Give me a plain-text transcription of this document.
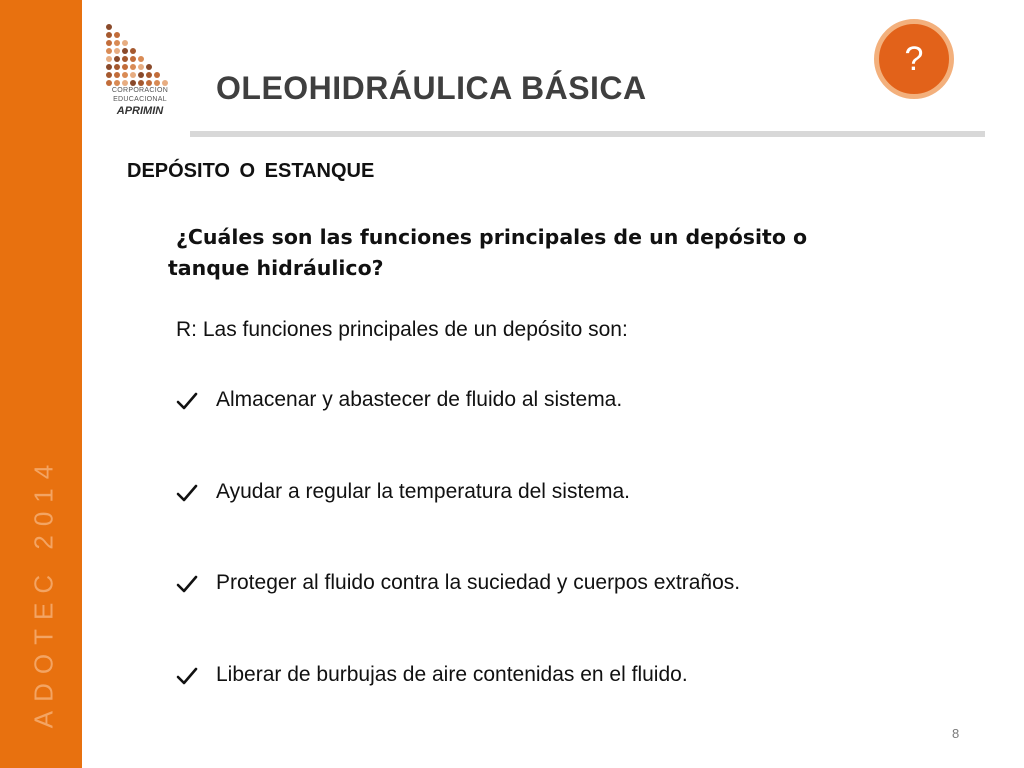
ADOTEC 2014
CORPORACION
EDUCACIONAL
APRIMIN
OLEOHIDRÁULICA BÁSICA
?
DEPÓSITO O ESTANQUE
¿Cuáles son las funciones principales de un depósito o tanque hidráulico?
R: Las funciones principales de un depósito son:
Almacenar y abastecer de fluido al sistema.
Ayudar a regular la temperatura del sistema.
Proteger al fluido contra la suciedad y cuerpos extraños.
Liberar de burbujas de aire contenidas en el fluido.
8
